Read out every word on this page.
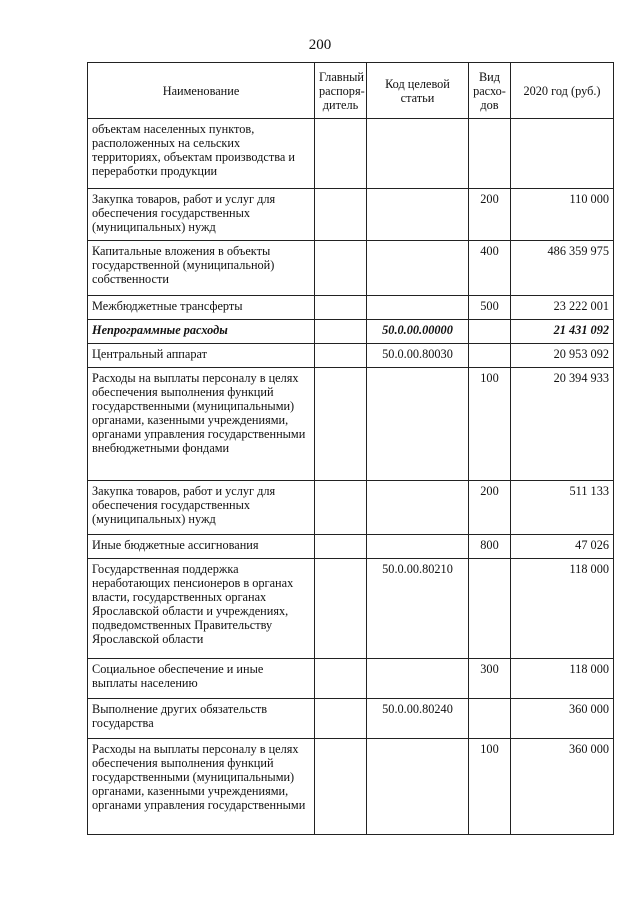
200
Наименование	Главный распоря-дитель	Код целевой статьи	Вид расхо-дов	2020 год (руб.)
объектам населенных пунктов, расположенных на сельских территориях, объектам производства и переработки продукции				
Закупка товаров, работ и услуг для обеспечения государственных (муниципальных) нужд			200	110 000
Капитальные вложения в объекты государственной (муниципальной) собственности			400	486 359 975
Межбюджетные трансферты			500	23 222 001
Непрограммные расходы		50.0.00.00000		21 431 092
Центральный аппарат		50.0.00.80030		20 953 092
Расходы на выплаты персоналу в целях обеспечения выполнения функций государственными (муниципальными) органами, казенными учреждениями, органами управления государственными внебюджетными фондами			100	20 394 933
Закупка товаров, работ и услуг для обеспечения государственных (муниципальных) нужд			200	511 133
Иные бюджетные ассигнования			800	47 026
Государственная поддержка неработающих пенсионеров в органах власти, государственных органах Ярославской области и учреждениях, подведомственных Правительству Ярославской области		50.0.00.80210		118 000
Социальное обеспечение и иные выплаты населению			300	118 000
Выполнение других обязательств государства		50.0.00.80240		360 000
Расходы на выплаты персоналу в целях обеспечения выполнения функций государственными (муниципальными) органами, казенными учреждениями, органами управления государственными			100	360 000
